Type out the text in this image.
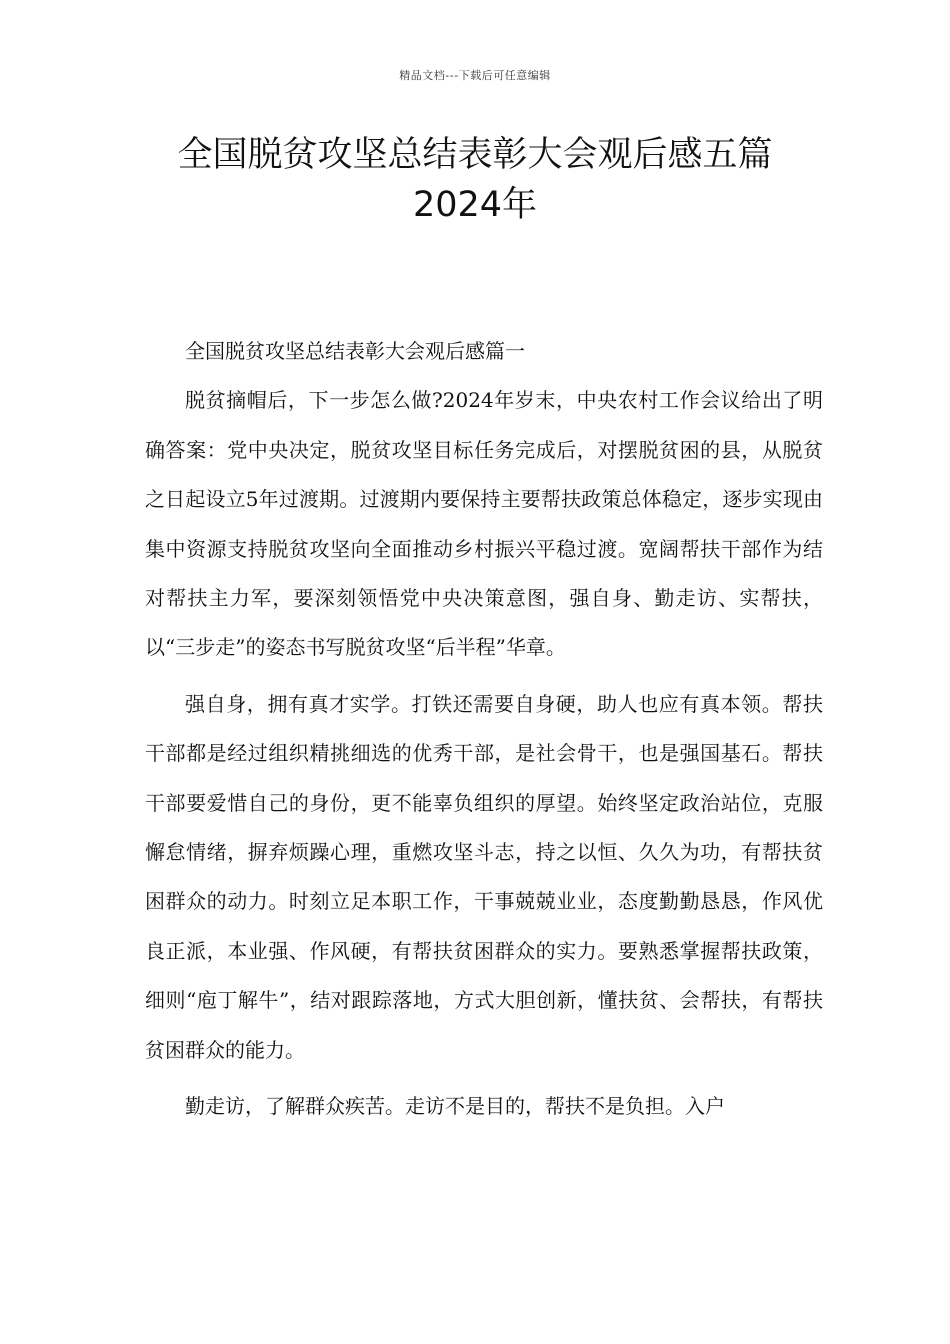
精品文档---下载后可任意编辑
全国脱贫攻坚总结表彰大会观后感五篇
2024年

全国脱贫攻坚总结表彰大会观后感篇一

脱贫摘帽后，下一步怎么做?2024年岁末，中央农村工作会议给出了明确答案：党中央决定，脱贫攻坚目标任务完成后，对摆脱贫困的县，从脱贫之日起设立5年过渡期。过渡期内要保持主要帮扶政策总体稳定，逐步实现由集中资源支持脱贫攻坚向全面推动乡村振兴平稳过渡。宽阔帮扶干部作为结对帮扶主力军，要深刻领悟党中央决策意图，强自身、勤走访、实帮扶，以“三步走”的姿态书写脱贫攻坚“后半程”华章。

强自身，拥有真才实学。打铁还需要自身硬，助人也应有真本领。帮扶干部都是经过组织精挑细选的优秀干部，是社会骨干，也是强国基石。帮扶干部要爱惜自己的身份，更不能辜负组织的厚望。始终坚定政治站位，克服懈怠情绪，摒弃烦躁心理，重燃攻坚斗志，持之以恒、久久为功，有帮扶贫困群众的动力。时刻立足本职工作，干事兢兢业业，态度勤勤恳恳，作风优良正派，本业强、作风硬，有帮扶贫困群众的实力。要熟悉掌握帮扶政策，细则“庖丁解牛”，结对跟踪落地，方式大胆创新，懂扶贫、会帮扶，有帮扶贫困群众的能力。

勤走访，了解群众疾苦。走访不是目的，帮扶不是负担。入户
